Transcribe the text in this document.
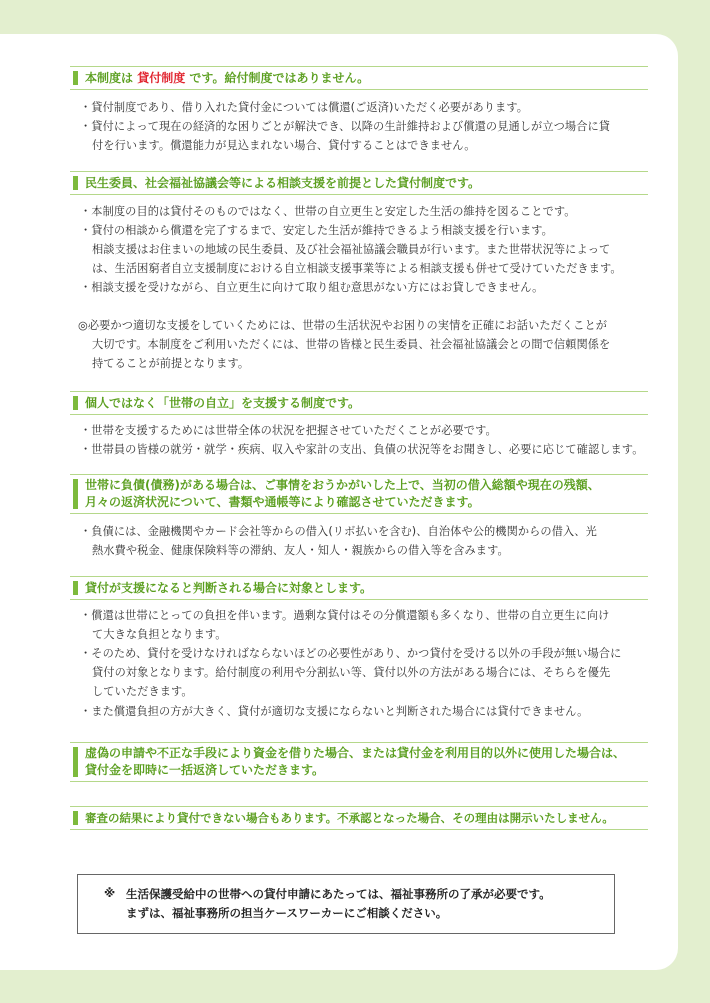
本制度は 貸付制度 です。給付制度ではありません。
・貸付制度であり、借り入れた貸付金については償還(ご返済)いただく必要があります。
・貸付によって現在の経済的な困りごとが解決でき、以降の生計維持および償還の見通しが立つ場合に貸
付を行います。償還能力が見込まれない場合、貸付することはできません。
民生委員、社会福祉協議会等による相談支援を前提とした貸付制度です。
・本制度の目的は貸付そのものではなく、世帯の自立更生と安定した生活の維持を図ることです。
・貸付の相談から償還を完了するまで、安定した生活が維持できるよう相談支援を行います。
相談支援はお住まいの地域の民生委員、及び社会福祉協議会職員が行います。また世帯状況等によって
は、生活困窮者自立支援制度における自立相談支援事業等による相談支援も併せて受けていただきます。
・相談支援を受けながら、自立更生に向けて取り組む意思がない方にはお貸しできません。
◎必要かつ適切な支援をしていくためには、世帯の生活状況やお困りの実情を正確にお話いただくことが
大切です。本制度をご利用いただくには、世帯の皆様と民生委員、社会福祉協議会との間で信頼関係を
持てることが前提となります。
個人ではなく「世帯の自立」を支援する制度です。
・世帯を支援するためには世帯全体の状況を把握させていただくことが必要です。
・世帯員の皆様の就労・就学・疾病、収入や家計の支出、負債の状況等をお聞きし、必要に応じて確認します。
世帯に負債(債務)がある場合は、ご事情をおうかがいした上で、当初の借入総額や現在の残額、
月々の返済状況について、書類や通帳等により確認させていただきます。
・負債には、金融機関やカード会社等からの借入(リボ払いを含む)、自治体や公的機関からの借入、光
熱水費や税金、健康保険料等の滞納、友人・知人・親族からの借入等を含みます。
貸付が支援になると判断される場合に対象とします。
・償還は世帯にとっての負担を伴います。過剰な貸付はその分償還額も多くなり、世帯の自立更生に向け
て大きな負担となります。
・そのため、貸付を受けなければならないほどの必要性があり、かつ貸付を受ける以外の手段が無い場合に
貸付の対象となります。給付制度の利用や分割払い等、貸付以外の方法がある場合には、そちらを優先
していただきます。
・また償還負担の方が大きく、貸付が適切な支援にならないと判断された場合には貸付できません。
虚偽の申請や不正な手段により資金を借りた場合、または貸付金を利用目的以外に使用した場合は、
貸付金を即時に一括返済していただきます。
審査の結果により貸付できない場合もあります。不承認となった場合、その理由は開示いたしません。
※ 生活保護受給中の世帯への貸付申請にあたっては、福祉事務所の了承が必要です。
まずは、福祉事務所の担当ケースワーカーにご相談ください。
